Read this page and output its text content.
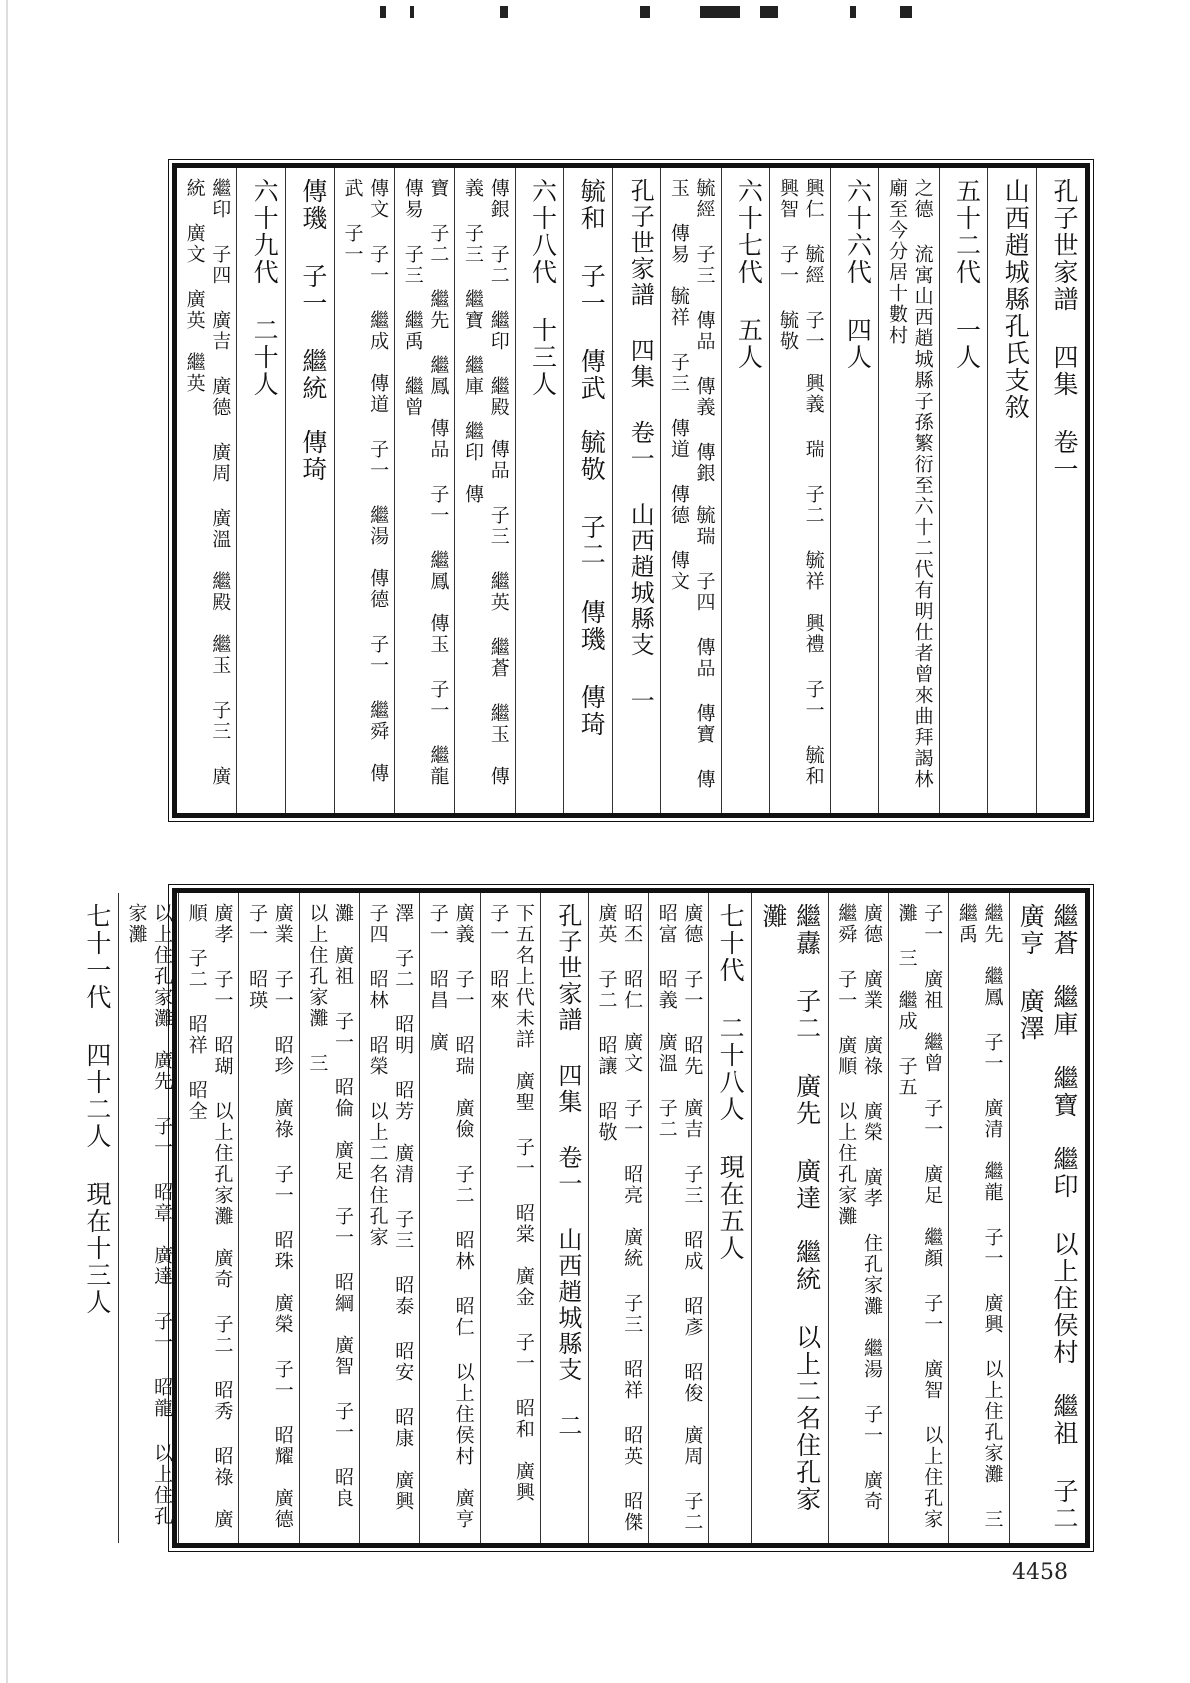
孔子世家譜 四集 卷一
山西趙城縣孔氏支敘
五十二代 一人
之德 流寓山西趙城縣子孫繁衍至六十二代有明仕者曾來曲拜謁林廟至今分居十數村
六十六代 四人
興仁 毓經 子一　興義 瑞 子二 毓祥　興禮 子一 毓和　興智 子一 毓敬
六十七代 五人
毓經 子三 傳品 傳義 傳銀　毓瑞 子四 傳品 傳寶 傳玉 傳易　毓祥 子三 傳道 傳德 傳文
孔子世家譜 四集 卷一 山西趙城縣支 一
毓和 子一 傳武　毓敬 子二 傳璣 傳琦
六十八代 十三人
傳銀 子二 繼印 繼殿　傳品 子三 繼英 繼蒼 繼玉　傳義 子三 繼寶 繼庫 繼印　傳
寶 子二 繼先 繼鳳　傳品 子一 繼鳳　傳玉 子一 繼龍　傳易 子三 繼禹 繼曾
傳文 子一 繼成　傳道 子一 繼湯　傳德 子一 繼舜　傳武 子一
傳璣 子一 繼統　傳琦
六十九代 二十人
繼印 子四 廣吉 廣德 廣周 廣溫　繼殿　繼玉 子三 廣統 廣文 廣英　繼英
繼蒼　繼庫　繼寶　繼印 以上住侯村　繼祖 子二 廣亨 廣澤
繼先　繼鳳 子一 廣清　繼龍 子一 廣興 以上住孔家灘 三　繼禹
子一 廣祖　繼曾 子一 廣足　繼顏 子一 廣智 以上住孔家灘 三　繼成 子五
廣德 廣業 廣祿 廣榮 廣孝 住孔家灘　繼湯 子一 廣奇　繼舜 子一 廣順 以上住孔家灘
繼纛 子二 廣先 廣達　繼統 以上二名住孔家灘
七十代 二十八人 現在五人
廣德 子一 昭先　廣吉 子三 昭成 昭彥 昭俊　廣周 子二 昭富 昭義　廣溫 子二
昭丕 昭仁　廣文 子一 昭亮　廣統 子三 昭祥 昭英 昭傑　廣英 子二 昭讓 昭敬
孔子世家譜 四集 卷一 山西趙城縣支 二
下五名上代未詳　廣聖 子一 昭棠　廣金 子一 昭和　廣興 子一 昭來
廣義 子一 昭瑞　廣儉 子二 昭林 昭仁 以上住侯村　廣亨 子一 昭昌　廣
澤 子二 昭明 昭芳　廣清 子三 昭泰 昭安 昭康　廣興 子四 昭林 昭榮 以上二名住孔家
灘　廣祖 子一 昭倫　廣足 子一 昭綱　廣智 子一 昭良 以上住孔家灘 三
廣業 子一 昭珍　廣祿 子一 昭珠　廣榮 子一 昭耀　廣德 子一 昭瑛
廣孝 子一 昭瑚 以上住孔家灘　廣奇 子二 昭秀 昭祿　廣順 子二 昭祥 昭全
以上住孔家灘　廣先 子一 昭章　廣達 子一 昭龍 以上住孔家灘
七十一代 四十二人 現在十三人
4458
